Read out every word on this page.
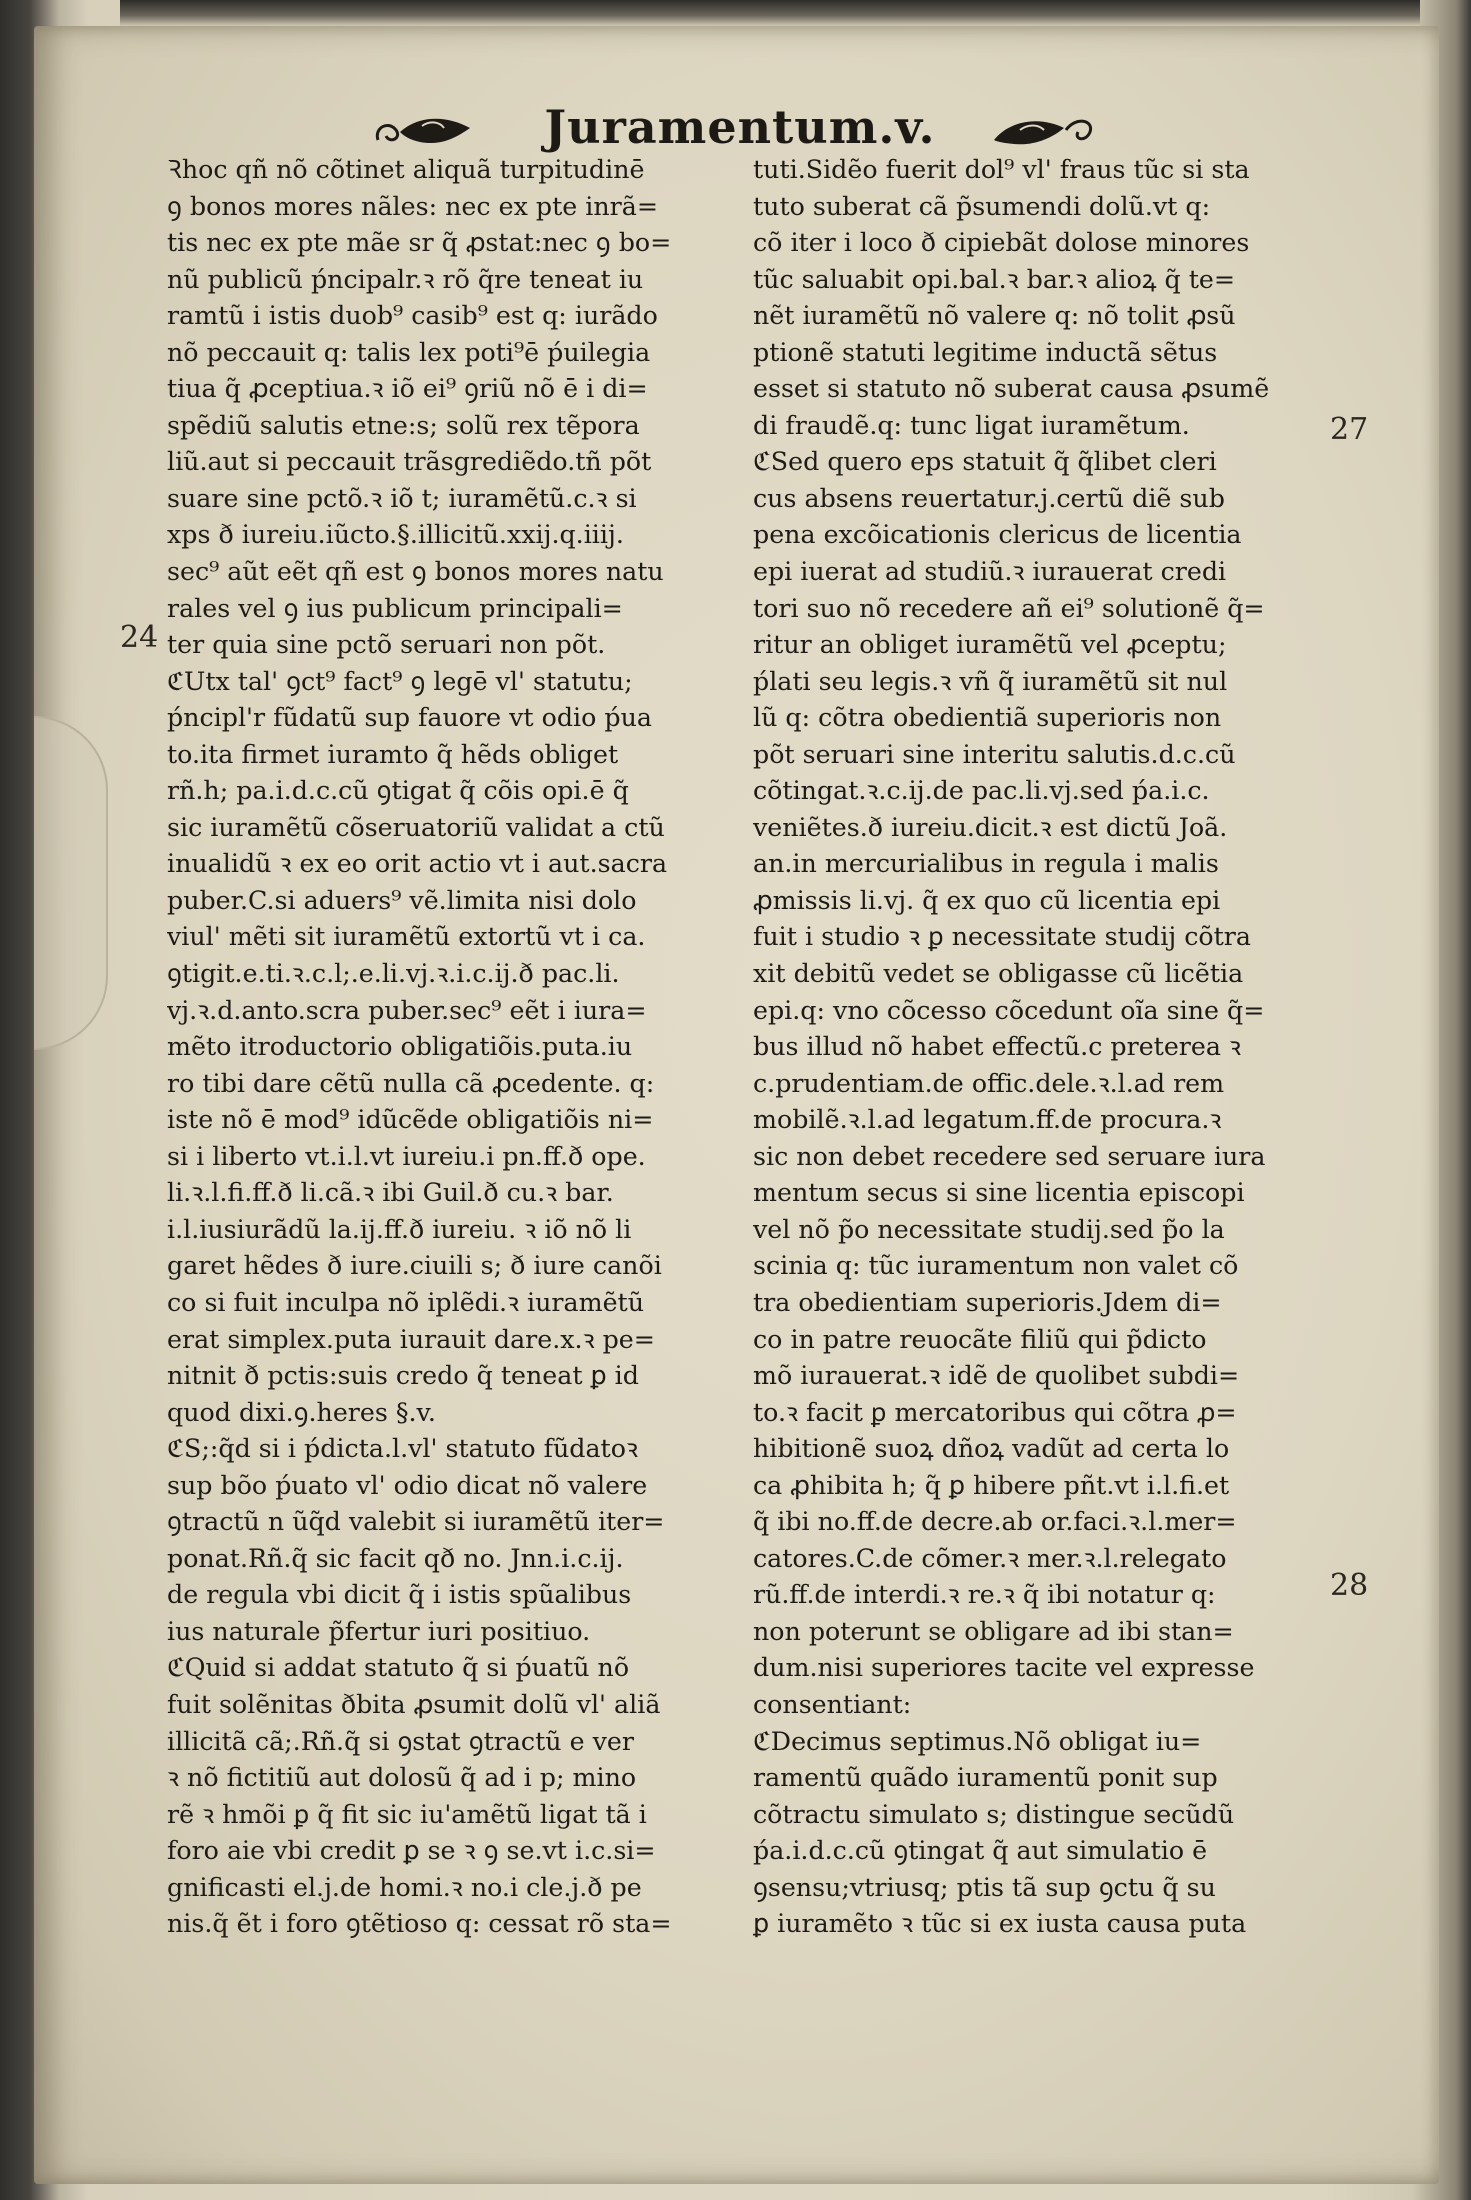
Juramentum.v.
Ꝛhoc qñ nõ cõtinet aliquã turpitudinē
ꝯ bonos mores nãles: nec ex pte inrã=
tis nec ex pte mãe sr q̃ ꝓstat:nec ꝯ bo=
nũ publicũ ṕncipalr.ꝛ rõ q̃re teneat iu
ramtũ i istis duob⁹ casib⁹ est q: iurãdo
nõ peccauit q: talis lex poti⁹ē ṕuilegia
tiua q̃ ꝓceptiua.ꝛ iõ ei⁹ ꝯriũ nõ ē i di=
spẽdiũ salutis etne:s; solũ rex tẽpora
liũ.aut si peccauit trãsgrediẽdo.tñ põt
suare sine pctõ.ꝛ iõ t; iuramẽtũ.c.ꝛ si
xps ð iureiu.iũcto.§.illicitũ.xxij.q.iiij.
sec⁹ aũt eẽt qñ est ꝯ bonos mores natu
rales vel ꝯ ius publicum principali=
ter quia sine pctõ seruari non põt.
ℭUtx tal' ꝯct⁹ fact⁹ ꝯ legē vl' statutu;
ṕncipl'r fũdatũ sup fauore vt odio ṕua
to.ita firmet iuramto q̃ hẽds obliget
rñ.h; pa.i.d.c.cũ ꝯtigat q̃ cõis opi.ē q̃
sic iuramẽtũ cõseruatoriũ validat a ctũ
inualidũ ꝛ ex eo orit actio vt i aut.sacra
puber.C.si aduers⁹ vẽ.limita nisi dolo
viul' mẽti sit iuramẽtũ extortũ vt i ca.
ꝯtigit.e.ti.ꝛ.c.l;.e.li.vj.ꝛ.i.c.ij.ð pac.li.
vj.ꝛ.d.anto.scra puber.sec⁹ eẽt i iura=
mẽto itroductorio obligatiõis.puta.iu
ro tibi dare cẽtũ nulla cã ꝓcedente. q:
iste nõ ē mod⁹ idũcẽde obligatiõis ni=
si i liberto vt.i.l.vt iureiu.i pn.ff.ð ope.
li.ꝛ.l.fi.ff.ð li.cã.ꝛ ibi Guil.ð cu.ꝛ bar.
i.l.iusiurãdũ la.ij.ff.ð iureiu. ꝛ iõ nõ li
garet hẽdes ð iure.ciuili s; ð iure canõi
co si fuit inculpa nõ iplẽdi.ꝛ iuramẽtũ
erat simplex.puta iurauit dare.x.ꝛ pe=
nitnit ð pctis:suis credo q̃ teneat ꝑ id
quod dixi.ꝯ.heres §.v.
ℭS;:q̃d si i ṕdicta.l.vl' statuto fũdatoꝛ
sup bõo ṕuato vl' odio dicat nõ valere
ꝯtractũ n ũq̃d valebit si iuramẽtũ iter=
ponat.Rñ.q̃ sic facit qð no. Jnn.i.c.ij.
de regula vbi dicit q̃ i istis spũalibus
ius naturale p̃fertur iuri positiuo.
ℭQuid si addat statuto q̃ si ṕuatũ nõ
fuit solẽnitas ðbita ꝓsumit dolũ vl' aliã
illicitã cã;.Rñ.q̃ si ꝯstat ꝯtractũ e ver
ꝛ nõ fictitiũ aut dolosũ q̃ ad i p; mino
rẽ ꝛ hmõi ꝑ q̃ fit sic iu'amẽtũ ligat tã i
foro aie vbi credit ꝑ se ꝛ ꝯ se.vt i.c.si=
gnificasti el.j.de homi.ꝛ no.i cle.j.ð pe
nis.q̃ ẽt i foro ꝯtẽtioso q: cessat rõ sta=
tuti.Sidẽo fuerit dol⁹ vl' fraus tũc si sta
tuto suberat cã p̃sumendi dolũ.vt q:
cõ iter i loco ð cipiebãt dolose minores
tũc saluabit opi.bal.ꝛ bar.ꝛ alioꝝ q̃ te=
nẽt iuramẽtũ nõ valere q: nõ tolit ꝓsũ
ptionẽ statuti legitime inductã sẽtus
esset si statuto nõ suberat causa ꝓsumẽ
di fraudẽ.q: tunc ligat iuramẽtum.
ℭSed quero eps statuit q̃ q̃libet cleri
cus absens reuertatur.j.certũ diẽ sub
pena excõicationis clericus de licentia
epi iuerat ad studiũ.ꝛ iurauerat credi
tori suo nõ recedere añ ei⁹ solutionẽ q̃=
ritur an obliget iuramẽtũ vel ꝓceptu;
ṕlati seu legis.ꝛ vñ q̃ iuramẽtũ sit nul
lũ q: cõtra obedientiã superioris non
põt seruari sine interitu salutis.d.c.cũ
cõtingat.ꝛ.c.ij.de pac.li.vj.sed ṕa.i.c.
veniẽtes.ð iureiu.dicit.ꝛ est dictũ Joã.
an.in mercurialibus in regula i malis
ꝓmissis li.vj. q̃ ex quo cũ licentia epi
fuit i studio ꝛ ꝑ necessitate studij cõtra
xit debitũ vedet se obligasse cũ licẽtia
epi.q: vno cõcesso cõcedunt oĩa sine q̃=
bus illud nõ habet effectũ.c preterea ꝛ
c.prudentiam.de offic.dele.ꝛ.l.ad rem
mobilẽ.ꝛ.l.ad legatum.ff.de procura.ꝛ
sic non debet recedere sed seruare iura
mentum secus si sine licentia episcopi
vel nõ p̃o necessitate studij.sed p̃o la
scinia q: tũc iuramentum non valet cõ
tra obedientiam superioris.Jdem di=
co in patre reuocãte filiũ qui p̃dicto
mõ iurauerat.ꝛ idẽ de quolibet subdi=
to.ꝛ facit ꝑ mercatoribus qui cõtra ꝓ=
hibitionẽ suoꝝ dñoꝝ vadũt ad certa lo
ca ꝓhibita h; q̃ ꝑ hibere pñt.vt i.l.fi.et
q̃ ibi no.ff.de decre.ab or.faci.ꝛ.l.mer=
catores.C.de cõmer.ꝛ mer.ꝛ.l.relegato
rũ.ff.de interdi.ꝛ re.ꝛ q̃ ibi notatur q:
non poterunt se obligare ad ibi stan=
dum.nisi superiores tacite vel expresse
consentiant:
ℭDecimus septimus.Nõ obligat iu=
ramentũ quãdo iuramentũ ponit sup
cõtractu simulato s; distingue secũdũ
ṕa.i.d.c.cũ ꝯtingat q̃ aut simulatio ē
ꝯsensu;vtriusq; ptis tã sup ꝯctu q̃ su
ꝑ iuramẽto ꝛ tũc si ex iusta causa puta
24
27
28
